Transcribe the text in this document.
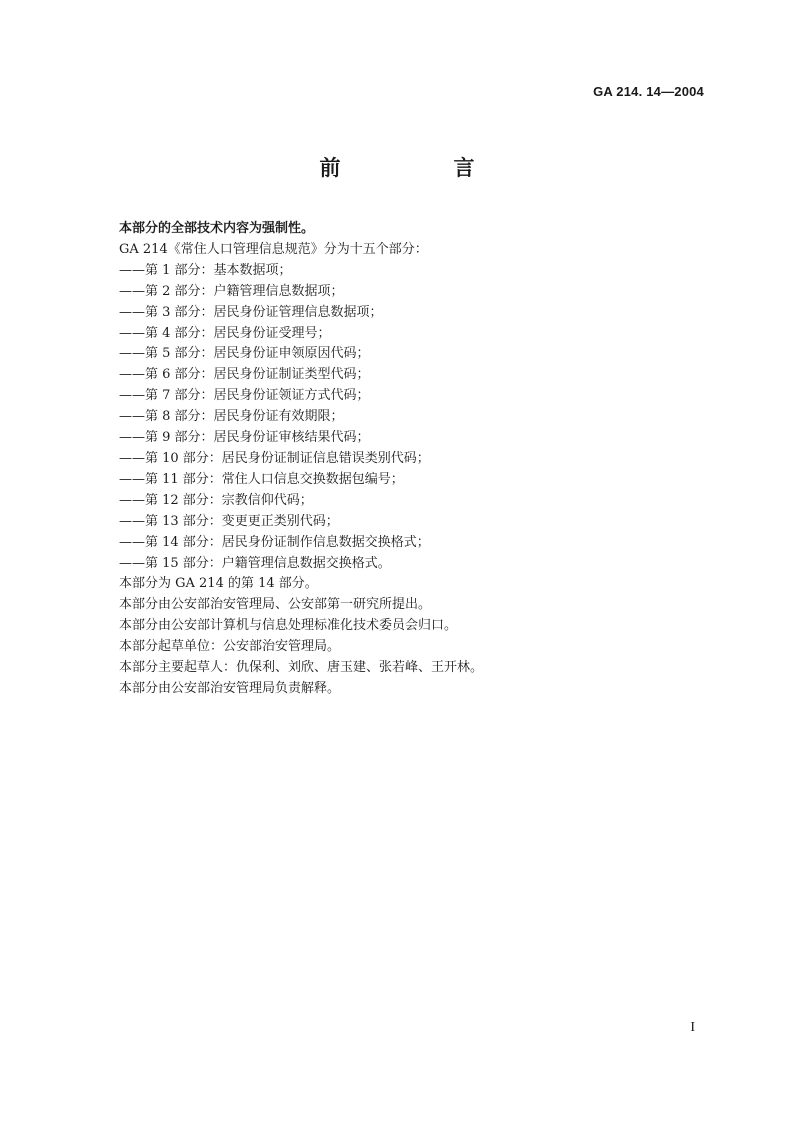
GA 214. 14—2004
前　言
本部分的全部技术内容为强制性。
GA 214《常住人口管理信息规范》分为十五个部分：
——第 1 部分：基本数据项；
——第 2 部分：户籍管理信息数据项；
——第 3 部分：居民身份证管理信息数据项；
——第 4 部分：居民身份证受理号；
——第 5 部分：居民身份证申领原因代码；
——第 6 部分：居民身份证制证类型代码；
——第 7 部分：居民身份证领证方式代码；
——第 8 部分：居民身份证有效期限；
——第 9 部分：居民身份证审核结果代码；
——第 10 部分：居民身份证制证信息错误类别代码；
——第 11 部分：常住人口信息交换数据包编号；
——第 12 部分：宗教信仰代码；
——第 13 部分：变更更正类别代码；
——第 14 部分：居民身份证制作信息数据交换格式；
——第 15 部分：户籍管理信息数据交换格式。
本部分为 GA 214 的第 14 部分。
本部分由公安部治安管理局、公安部第一研究所提出。
本部分由公安部计算机与信息处理标准化技术委员会归口。
本部分起草单位：公安部治安管理局。
本部分主要起草人：仇保利、刘欣、唐玉建、张若峰、王开林。
本部分由公安部治安管理局负责解释。
I
